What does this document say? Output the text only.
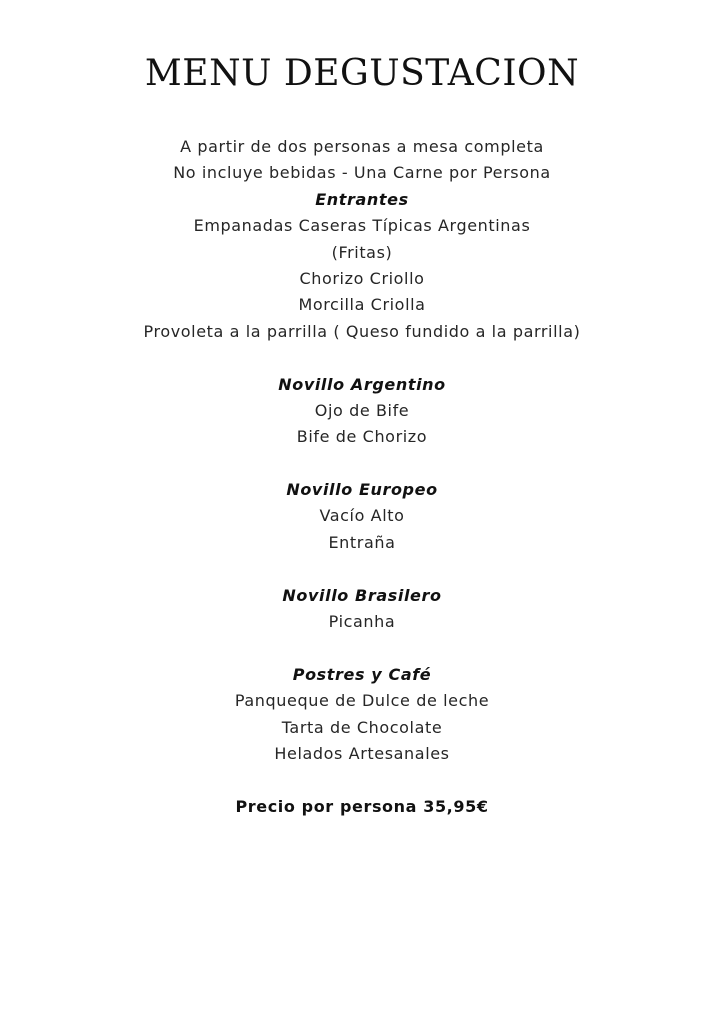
MENU DEGUSTACION
A partir de dos personas a mesa completa
No incluye bebidas - Una Carne por Persona
Entrantes
Empanadas Caseras Típicas Argentinas
(Fritas)
Chorizo Criollo
Morcilla Criolla
Provoleta a la parrilla ( Queso fundido a la parrilla)
Novillo Argentino
Ojo de Bife
Bife de Chorizo
Novillo Europeo
Vacío Alto
Entraña
Novillo Brasilero
Picanha
Postres y Café
Panqueque de Dulce de leche
Tarta de Chocolate
Helados Artesanales
Precio por persona 35,95€
